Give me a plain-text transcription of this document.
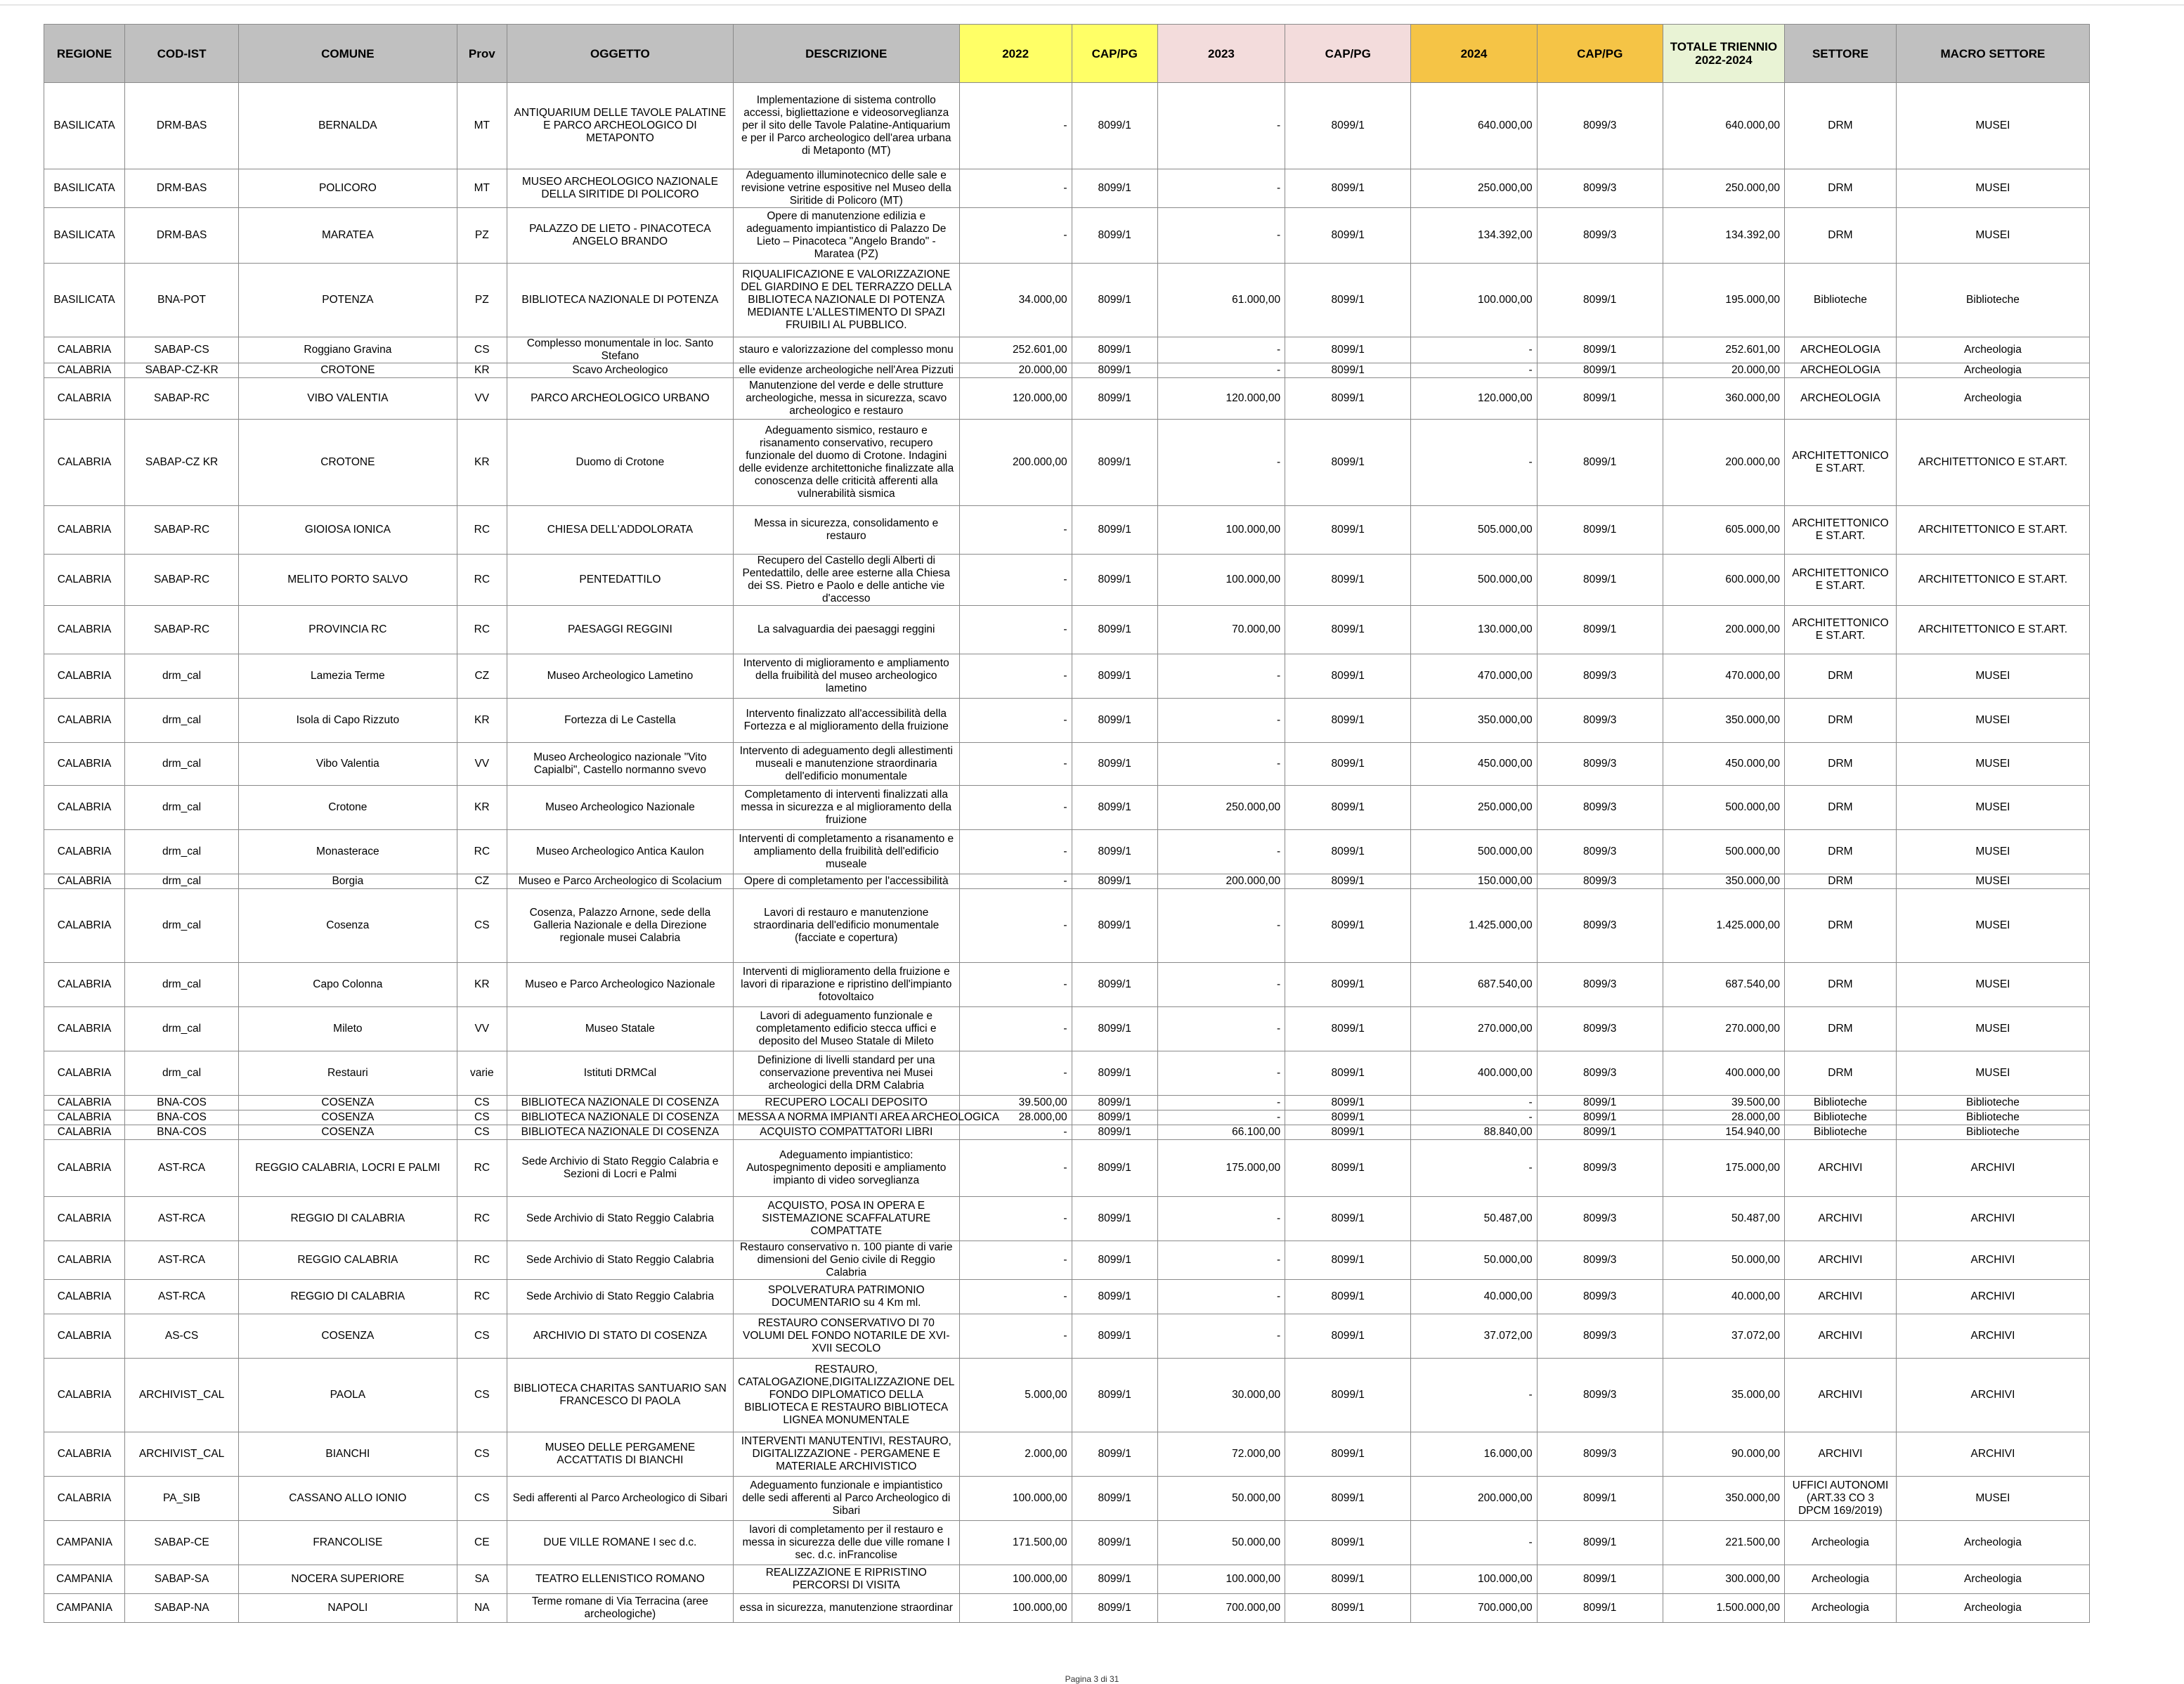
REGIONE	COD-IST	COMUNE	Prov	OGGETTO	DESCRIZIONE	2022	CAP/PG	2023	CAP/PG	2024	CAP/PG	TOTALE TRIENNIO 2022-2024	SETTORE	MACRO SETTORE
BASILICATA	DRM-BAS	BERNALDA	MT	ANTIQUARIUM DELLE TAVOLE PALATINE E PARCO ARCHEOLOGICO DI METAPONTO	Implementazione di sistema controllo accessi, bigliettazione e videosorveglianza per il sito delle Tavole Palatine-Antiquarium e per il Parco archeologico dell'area urbana di Metaponto (MT)	-	8099/1	-	8099/1	640.000,00	8099/3	640.000,00	DRM	MUSEI
BASILICATA	DRM-BAS	POLICORO	MT	MUSEO ARCHEOLOGICO NAZIONALE DELLA SIRITIDE DI POLICORO	Adeguamento illuminotecnico delle sale e revisione vetrine espositive nel Museo della Siritide di Policoro (MT)	-	8099/1	-	8099/1	250.000,00	8099/3	250.000,00	DRM	MUSEI
BASILICATA	DRM-BAS	MARATEA	PZ	PALAZZO DE LIETO - PINACOTECA ANGELO BRANDO	Opere di manutenzione edilizia e adeguamento impiantistico di Palazzo De Lieto – Pinacoteca "Angelo Brando" - Maratea (PZ)	-	8099/1	-	8099/1	134.392,00	8099/3	134.392,00	DRM	MUSEI
BASILICATA	BNA-POT	POTENZA	PZ	BIBLIOTECA NAZIONALE DI POTENZA	RIQUALIFICAZIONE E VALORIZZAZIONE DEL GIARDINO E DEL TERRAZZO DELLA BIBLIOTECA NAZIONALE DI POTENZA MEDIANTE L'ALLESTIMENTO DI SPAZI FRUIBILI AL PUBBLICO.	34.000,00	8099/1	61.000,00	8099/1	100.000,00	8099/1	195.000,00	Biblioteche	Biblioteche
CALABRIA	SABAP-CS	Roggiano Gravina	CS	Complesso monumentale in loc. Santo Stefano	stauro e valorizzazione del complesso monu	252.601,00	8099/1	-	8099/1	-	8099/1	252.601,00	ARCHEOLOGIA	Archeologia
CALABRIA	SABAP-CZ-KR	CROTONE	KR	Scavo Archeologico	elle evidenze archeologiche nell'Area Pizzuti	20.000,00	8099/1	-	8099/1	-	8099/1	20.000,00	ARCHEOLOGIA	Archeologia
CALABRIA	SABAP-RC	VIBO VALENTIA	VV	PARCO ARCHEOLOGICO URBANO	Manutenzione del verde e delle strutture archeologiche, messa in sicurezza, scavo archeologico e restauro	120.000,00	8099/1	120.000,00	8099/1	120.000,00	8099/1	360.000,00	ARCHEOLOGIA	Archeologia
CALABRIA	SABAP-CZ KR	CROTONE	KR	Duomo di Crotone	Adeguamento sismico, restauro e risanamento conservativo, recupero funzionale del duomo di Crotone. Indagini delle evidenze architettoniche finalizzate alla conoscenza delle criticità afferenti alla vulnerabilità sismica	200.000,00	8099/1	-	8099/1	-	8099/1	200.000,00	ARCHITETTONICO E ST.ART.	ARCHITETTONICO E ST.ART.
CALABRIA	SABAP-RC	GIOIOSA IONICA	RC	CHIESA DELL'ADDOLORATA	Messa in sicurezza, consolidamento e restauro	-	8099/1	100.000,00	8099/1	505.000,00	8099/1	605.000,00	ARCHITETTONICO E ST.ART.	ARCHITETTONICO E ST.ART.
CALABRIA	SABAP-RC	MELITO PORTO SALVO	RC	PENTEDATTILO	Recupero del Castello degli Alberti di Pentedattilo, delle aree esterne alla Chiesa dei SS. Pietro e Paolo e delle antiche vie d'accesso	-	8099/1	100.000,00	8099/1	500.000,00	8099/1	600.000,00	ARCHITETTONICO E ST.ART.	ARCHITETTONICO E ST.ART.
CALABRIA	SABAP-RC	PROVINCIA RC	RC	PAESAGGI REGGINI	La salvaguardia dei paesaggi reggini	-	8099/1	70.000,00	8099/1	130.000,00	8099/1	200.000,00	ARCHITETTONICO E ST.ART.	ARCHITETTONICO E ST.ART.
CALABRIA	drm_cal	Lamezia Terme	CZ	Museo Archeologico Lametino	Intervento di miglioramento e ampliamento della fruibilità del museo archeologico lametino	-	8099/1	-	8099/1	470.000,00	8099/3	470.000,00	DRM	MUSEI
CALABRIA	drm_cal	Isola di Capo Rizzuto	KR	Fortezza di Le Castella	Intervento finalizzato all'accessibilità della Fortezza e al miglioramento della fruizione	-	8099/1	-	8099/1	350.000,00	8099/3	350.000,00	DRM	MUSEI
CALABRIA	drm_cal	Vibo Valentia	VV	Museo Archeologico nazionale "Vito Capialbi", Castello normanno svevo	Intervento di adeguamento degli allestimenti museali e manutenzione straordinaria dell'edificio monumentale	-	8099/1	-	8099/1	450.000,00	8099/3	450.000,00	DRM	MUSEI
CALABRIA	drm_cal	Crotone	KR	Museo Archeologico Nazionale	Completamento di interventi finalizzati alla messa in sicurezza e al miglioramento della fruizione	-	8099/1	250.000,00	8099/1	250.000,00	8099/3	500.000,00	DRM	MUSEI
CALABRIA	drm_cal	Monasterace	RC	Museo Archeologico Antica Kaulon	Interventi di completamento a risanamento e ampliamento della fruibilità dell'edificio museale	-	8099/1	-	8099/1	500.000,00	8099/3	500.000,00	DRM	MUSEI
CALABRIA	drm_cal	Borgia	CZ	Museo e Parco Archeologico di Scolacium	Opere di completamento per l'accessibilità	-	8099/1	200.000,00	8099/1	150.000,00	8099/3	350.000,00	DRM	MUSEI
CALABRIA	drm_cal	Cosenza	CS	Cosenza, Palazzo Arnone, sede della Galleria Nazionale e della Direzione regionale musei Calabria	Lavori di restauro e manutenzione straordinaria dell'edificio monumentale (facciate e copertura)	-	8099/1	-	8099/1	1.425.000,00	8099/3	1.425.000,00	DRM	MUSEI
CALABRIA	drm_cal	Capo Colonna	KR	Museo e Parco Archeologico Nazionale	Interventi di miglioramento della fruizione e lavori di riparazione e ripristino dell'impianto fotovoltaico	-	8099/1	-	8099/1	687.540,00	8099/3	687.540,00	DRM	MUSEI
CALABRIA	drm_cal	Mileto	VV	Museo Statale	Lavori di adeguamento funzionale e completamento edificio stecca uffici e deposito del Museo Statale di Mileto	-	8099/1	-	8099/1	270.000,00	8099/3	270.000,00	DRM	MUSEI
CALABRIA	drm_cal	Restauri	varie	Istituti DRMCal	Definizione di livelli standard per una conservazione preventiva nei Musei archeologici della DRM Calabria	-	8099/1	-	8099/1	400.000,00	8099/3	400.000,00	DRM	MUSEI
CALABRIA	BNA-COS	COSENZA	CS	BIBLIOTECA NAZIONALE DI COSENZA	RECUPERO LOCALI DEPOSITO	39.500,00	8099/1	-	8099/1	-	8099/1	39.500,00	Biblioteche	Biblioteche
CALABRIA	BNA-COS	COSENZA	CS	BIBLIOTECA NAZIONALE DI COSENZA	MESSA A NORMA IMPIANTI AREA ARCHEOLOGICA	28.000,00	8099/1	-	8099/1	-	8099/1	28.000,00	Biblioteche	Biblioteche
CALABRIA	BNA-COS	COSENZA	CS	BIBLIOTECA NAZIONALE DI COSENZA	ACQUISTO COMPATTATORI LIBRI	-	8099/1	66.100,00	8099/1	88.840,00	8099/1	154.940,00	Biblioteche	Biblioteche
CALABRIA	AST-RCA	REGGIO CALABRIA, LOCRI E PALMI	RC	Sede Archivio di Stato Reggio Calabria e Sezioni di Locri e Palmi	Adeguamento impiantistico: Autospegnimento depositi e ampliamento impianto di video sorveglianza	-	8099/1	175.000,00	8099/1	-	8099/3	175.000,00	ARCHIVI	ARCHIVI
CALABRIA	AST-RCA	REGGIO DI CALABRIA	RC	Sede Archivio di Stato Reggio Calabria	ACQUISTO, POSA IN OPERA E SISTEMAZIONE SCAFFALATURE COMPATTATE	-	8099/1	-	8099/1	50.487,00	8099/3	50.487,00	ARCHIVI	ARCHIVI
CALABRIA	AST-RCA	REGGIO CALABRIA	RC	Sede Archivio di Stato Reggio Calabria	Restauro conservativo n. 100 piante di varie dimensioni del Genio civile di Reggio Calabria	-	8099/1	-	8099/1	50.000,00	8099/3	50.000,00	ARCHIVI	ARCHIVI
CALABRIA	AST-RCA	REGGIO DI CALABRIA	RC	Sede Archivio di Stato Reggio Calabria	SPOLVERATURA PATRIMONIO DOCUMENTARIO su 4 Km ml.	-	8099/1	-	8099/1	40.000,00	8099/3	40.000,00	ARCHIVI	ARCHIVI
CALABRIA	AS-CS	COSENZA	CS	ARCHIVIO DI STATO DI COSENZA	RESTAURO CONSERVATIVO DI 70 VOLUMI DEL FONDO NOTARILE DE XVI-XVII SECOLO	-	8099/1	-	8099/1	37.072,00	8099/3	37.072,00	ARCHIVI	ARCHIVI
CALABRIA	ARCHIVIST_CAL	PAOLA	CS	BIBLIOTECA CHARITAS SANTUARIO SAN FRANCESCO DI PAOLA	RESTAURO, CATALOGAZIONE,DIGITALIZZAZIONE DEL FONDO DIPLOMATICO DELLA BIBLIOTECA E RESTAURO BIBLIOTECA LIGNEA MONUMENTALE	5.000,00	8099/1	30.000,00	8099/1	-	8099/3	35.000,00	ARCHIVI	ARCHIVI
CALABRIA	ARCHIVIST_CAL	BIANCHI	CS	MUSEO DELLE PERGAMENE ACCATTATIS DI BIANCHI	INTERVENTI MANUTENTIVI, RESTAURO, DIGITALIZZAZIONE - PERGAMENE E MATERIALE ARCHIVISTICO	2.000,00	8099/1	72.000,00	8099/1	16.000,00	8099/3	90.000,00	ARCHIVI	ARCHIVI
CALABRIA	PA_SIB	CASSANO ALLO IONIO	CS	Sedi afferenti al Parco Archeologico di Sibari	Adeguamento funzionale e impiantistico delle sedi afferenti al Parco Archeologico di Sibari	100.000,00	8099/1	50.000,00	8099/1	200.000,00	8099/1	350.000,00	UFFICI AUTONOMI (ART.33 CO 3 DPCM 169/2019)	MUSEI
CAMPANIA	SABAP-CE	FRANCOLISE	CE	DUE VILLE ROMANE I sec d.c.	lavori di completamento per il restauro e messa in sicurezza delle due ville romane I sec. d.c. inFrancolise	171.500,00	8099/1	50.000,00	8099/1	-	8099/1	221.500,00	Archeologia	Archeologia
CAMPANIA	SABAP-SA	NOCERA SUPERIORE	SA	TEATRO ELLENISTICO ROMANO	REALIZZAZIONE E RIPRISTINO PERCORSI DI VISITA	100.000,00	8099/1	100.000,00	8099/1	100.000,00	8099/1	300.000,00	Archeologia	Archeologia
CAMPANIA	SABAP-NA	NAPOLI	NA	Terme romane di Via Terracina (aree archeologiche)	essa in sicurezza, manutenzione straordinar	100.000,00	8099/1	700.000,00	8099/1	700.000,00	8099/1	1.500.000,00	Archeologia	Archeologia
Pagina 3 di 31
